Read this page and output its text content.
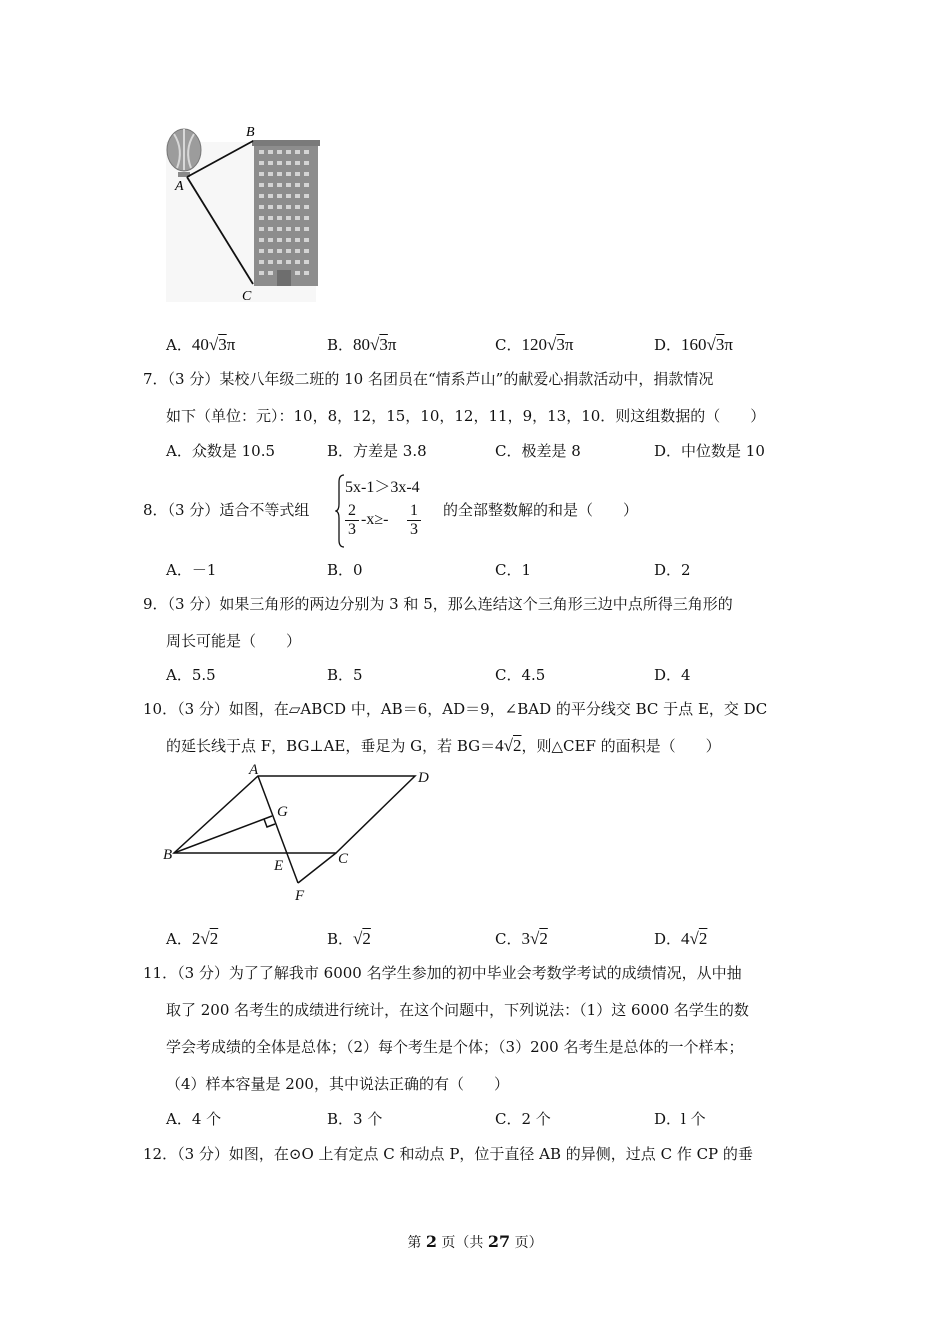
A
B
C
A．40√3π	B．80√3π	C．120√3π	D．160√3π
7．（3 分）某校八年级二班的 10 名团员在“情系芦山”的献爱心捐款活动中，捐款情况
如下（单位：元）：10，8，12，15，10，12，11，9，13，10．则这组数据的（　　）
A．众数是 10.5	B．方差是 3.8	C．极差是 8	D．中位数是 10
8．（3 分）适合不等式组
5x-1＞3x-4
2
3
-x≥-
1
3
的全部整数解的和是（　　）
A．－1	B．0	C．1	D．2
9．（3 分）如果三角形的两边分别为 3 和 5，那么连结这个三角形三边中点所得三角形的
周长可能是（　　）
A．5.5	B．5	C．4.5	D．4
10．（3 分）如图，在▱ABCD 中，AB＝6，AD＝9，∠BAD 的平分线交 BC 于点 E，交 DC
的延长线于点 F，BG⊥AE，垂足为 G，若 BG＝4√2，则△CEF 的面积是（　　）
A	D
G
B
E	C
F
A．2√2	B．√2	C．3√2	D．4√2
11．（3 分）为了了解我市 6000 名学生参加的初中毕业会考数学考试的成绩情况，从中抽
取了 200 名考生的成绩进行统计，在这个问题中，下列说法：（1）这 6000 名学生的数
学会考成绩的全体是总体；（2）每个考生是个体；（3）200 名考生是总体的一个样本；
（4）样本容量是 200，其中说法正确的有（　　）
A．4 个	B．3 个	C．2 个	D．l 个
12．（3 分）如图，在⊙O 上有定点 C 和动点 P，位于直径 AB 的异侧，过点 C 作 CP 的垂
第 2 页（共 27 页）
